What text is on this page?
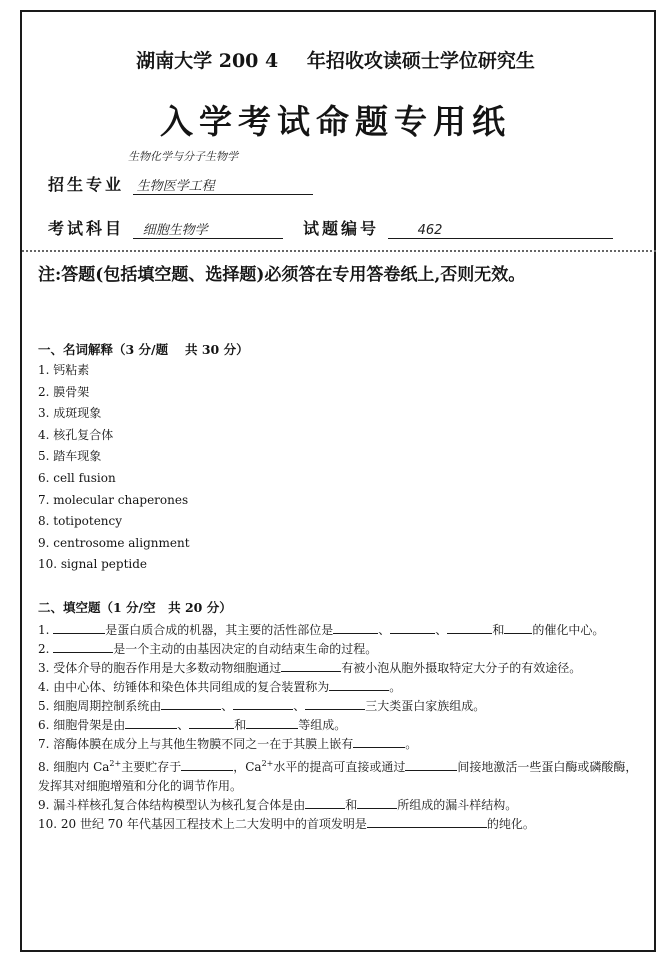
湖南大学 200 4 年招收攻读硕士学位研究生
入学考试命题专用纸
生物化学与分子生物学
招生专业 生物医学工程
考试科目 细胞生物学	试题编号	462
注:答题(包括填空题、选择题)必须答在专用答卷纸上,否则无效。
一、名词解释（3 分/题　 共 30 分）
1. 钙粘素
2. 膜骨架
3. 成斑现象
4. 核孔复合体
5. 踏车现象
6. cell fusion
7. molecular chaperones
8. totipotency
9. centrosome alignment
10. signal peptide
二、填空题（1 分/空　共 20 分）
1.	是蛋白质合成的机器，其主要的活性部位是	、	、	和 的催化中心。
2.	是一个主动的由基因决定的自动结束生命的过程。
3. 受体介导的胞吞作用是大多数动物细胞通过	有被小泡从胞外摄取特定大分子的有效途径。
4. 由中心体、纺锤体和染色体共同组成的复合装置称为	。
5. 细胞周期控制系统由	、	、	三大类蛋白家族组成。
6. 细胞骨架是由	、	和	等组成。
7. 溶酶体膜在成分上与其他生物膜不同之一在于其膜上嵌有	。
8. 细胞内 $Ca^{2+}$主要贮存于	，$Ca^{2+}$水平的提高可直接或通过	间接地激活一些蛋白酶或磷酸酶，发挥其对细胞增殖和分化的调节作用。
9. 漏斗样核孔复合体结构模型认为核孔复合体是由	和	所组成的漏斗样结构。
10. 20 世纪 70 年代基因工程技术上二大发明中的首项发明是	的纯化。
